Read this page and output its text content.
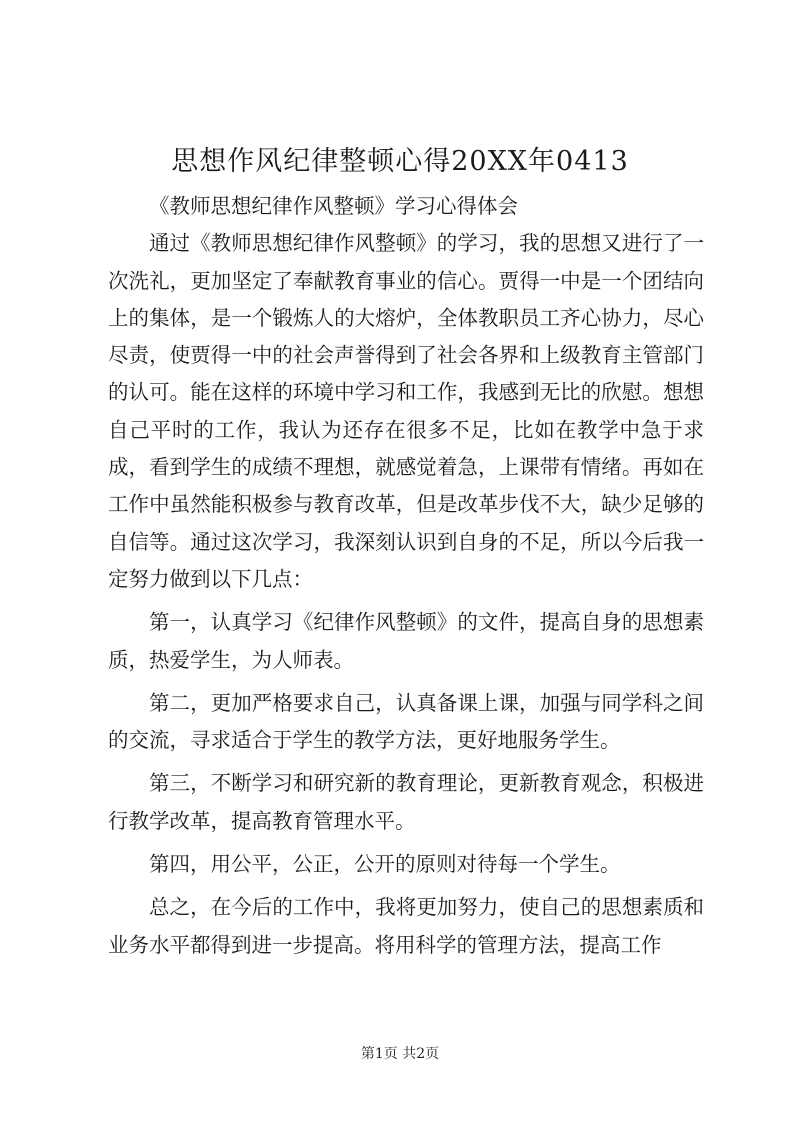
思想作风纪律整顿心得20XX年0413

《教师思想纪律作风整顿》学习心得体会

通过《教师思想纪律作风整顿》的学习，我的思想又进行了一次洗礼，更加坚定了奉献教育事业的信心。贾得一中是一个团结向上的集体，是一个锻炼人的大熔炉，全体教职员工齐心协力，尽心尽责，使贾得一中的社会声誉得到了社会各界和上级教育主管部门的认可。能在这样的环境中学习和工作，我感到无比的欣慰。想想自己平时的工作，我认为还存在很多不足，比如在教学中急于求成，看到学生的成绩不理想，就感觉着急，上课带有情绪。再如在工作中虽然能积极参与教育改革，但是改革步伐不大，缺少足够的自信等。通过这次学习，我深刻认识到自身的不足，所以今后我一定努力做到以下几点：

第一，认真学习《纪律作风整顿》的文件，提高自身的思想素质，热爱学生，为人师表。

第二，更加严格要求自己，认真备课上课，加强与同学科之间的交流，寻求适合于学生的教学方法，更好地服务学生。

第三，不断学习和研究新的教育理论，更新教育观念，积极进行教学改革，提高教育管理水平。

第四，用公平，公正，公开的原则对待每一个学生。

总之，在今后的工作中，我将更加努力，使自己的思想素质和业务水平都得到进一步提高。将用科学的管理方法，提高工作

第1页 共2页
